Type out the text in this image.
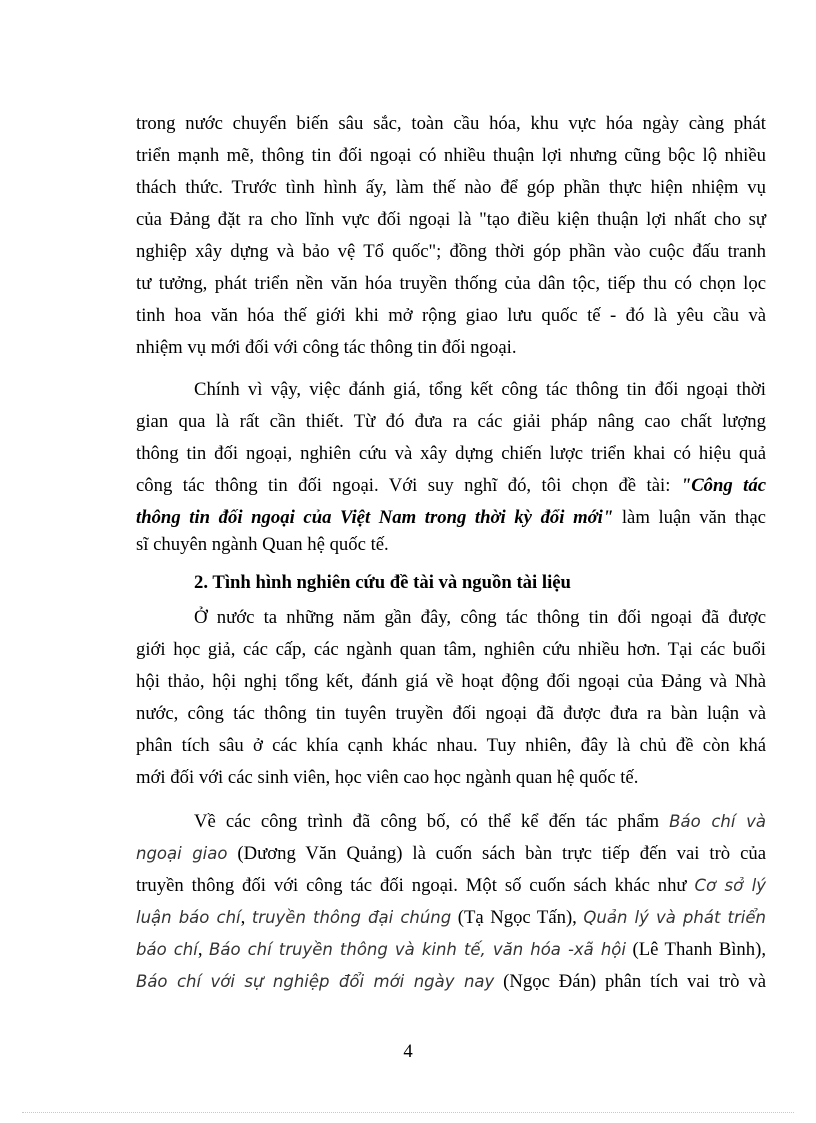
trong nước chuyển biến sâu sắc, toàn cầu hóa, khu vực hóa ngày càng phát
triển mạnh mẽ, thông tin đối ngoại có nhiều thuận lợi nhưng cũng bộc lộ nhiều
thách thức. Trước tình hình ấy, làm thế nào để góp phần thực hiện nhiệm vụ
của Đảng đặt ra cho lĩnh vực đối ngoại là "tạo điều kiện thuận lợi nhất cho sự
nghiệp xây dựng và bảo vệ Tổ quốc"; đồng thời góp phần vào cuộc đấu tranh
tư tưởng, phát triển nền văn hóa truyền thống của dân tộc, tiếp thu có chọn lọc
tinh hoa văn hóa thế giới khi mở rộng giao lưu quốc tế - đó là yêu cầu và
nhiệm vụ mới đối với công tác thông tin đối ngoại.
Chính vì vậy, việc đánh giá, tổng kết công tác thông tin đối ngoại thời
gian qua là rất cần thiết. Từ đó đưa ra các giải pháp nâng cao chất lượng
thông tin đối ngoại, nghiên cứu và xây dựng chiến lược triển khai có hiệu quả
công tác thông tin đối ngoại. Với suy nghĩ đó, tôi chọn đề tài: "Công tác
thông tin đối ngoại của Việt Nam trong thời kỳ đổi mới" làm luận văn thạc
sĩ chuyên ngành Quan hệ quốc tế.
2. Tình hình nghiên cứu đề tài và nguồn tài liệu
Ở nước ta những năm gần đây, công tác thông tin đối ngoại đã được
giới học giả, các cấp, các ngành quan tâm, nghiên cứu nhiều hơn. Tại các buổi
hội thảo, hội nghị tổng kết, đánh giá về hoạt động đối ngoại của Đảng và Nhà
nước, công tác thông tin tuyên truyền đối ngoại đã được đưa ra bàn luận và
phân tích sâu ở các khía cạnh khác nhau. Tuy nhiên, đây là chủ đề còn khá
mới đối với các sinh viên, học viên cao học ngành quan hệ quốc tế.
Về các công trình đã công bố, có thể kể đến tác phẩm Báo chí và
ngoại giao (Dương Văn Quảng) là cuốn sách bàn trực tiếp đến vai trò của
truyền thông đối với công tác đối ngoại. Một số cuốn sách khác như Cơ sở lý
luận báo chí, truyền thông đại chúng (Tạ Ngọc Tấn), Quản lý và phát triển
báo chí, Báo chí truyền thông và kinh tế, văn hóa -xã hội (Lê Thanh Bình),
Báo chí với sự nghiệp đổi mới ngày nay (Ngọc Đán) phân tích vai trò và
4
